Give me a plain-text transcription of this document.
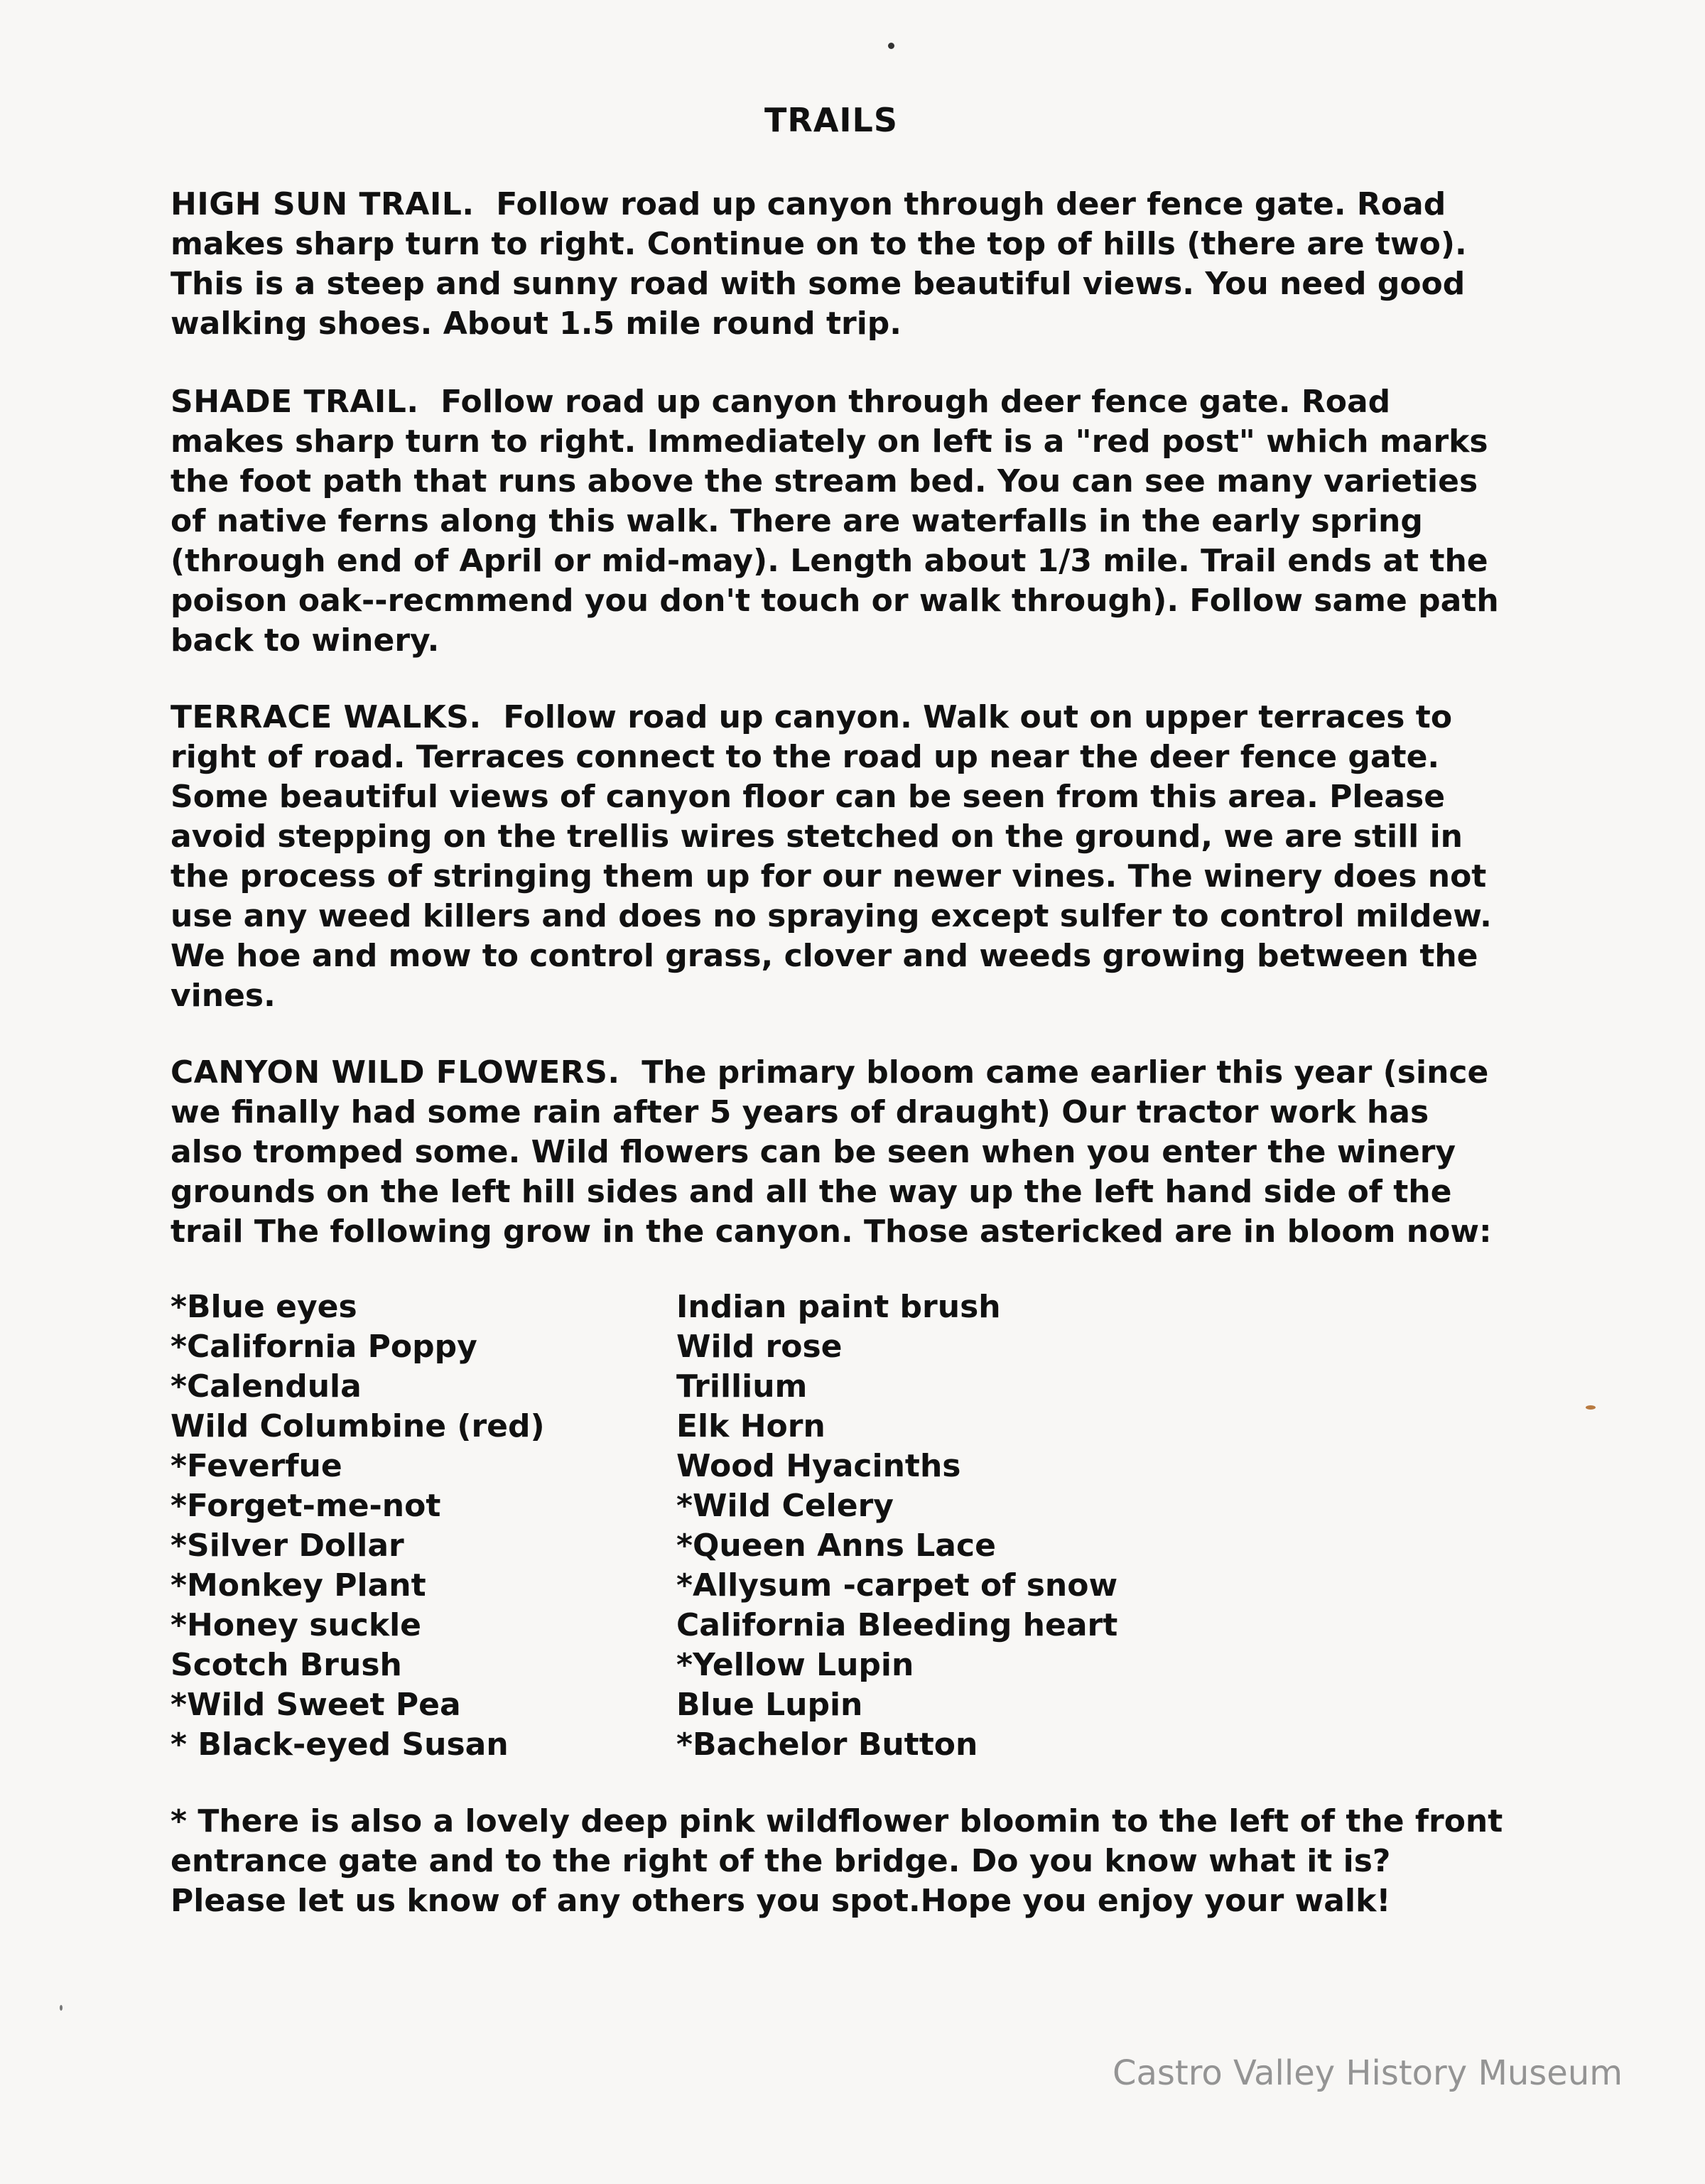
TRAILS

HIGH SUN TRAIL. Follow road up canyon through deer fence gate. Road makes sharp turn to right. Continue on to the top of hills (there are two). This is a steep and sunny road with some beautiful views. You need good walking shoes. About 1.5 mile round trip.

SHADE TRAIL. Follow road up canyon through deer fence gate. Road makes sharp turn to right. Immediately on left is a "red post" which marks the foot path that runs above the stream bed. You can see many varieties of native ferns along this walk. There are waterfalls in the early spring (through end of April or mid-may). Length about 1/3 mile. Trail ends at the poison oak--recmmend you don't touch or walk through). Follow same path back to winery.

TERRACE WALKS. Follow road up canyon. Walk out on upper terraces to right of road. Terraces connect to the road up near the deer fence gate. Some beautiful views of canyon floor can be seen from this area. Please avoid stepping on the trellis wires stetched on the ground, we are still in the process of stringing them up for our newer vines. The winery does not use any weed killers and does no spraying except sulfer to control mildew. We hoe and mow to control grass, clover and weeds growing between the vines.

CANYON WILD FLOWERS. The primary bloom came earlier this year (since we finally had some rain after 5 years of draught) Our tractor work has also tromped some. Wild flowers can be seen when you enter the winery grounds on the left hill sides and all the way up the left hand side of the trail The following grow in the canyon. Those astericked are in bloom now:

*Blue eyes
*California Poppy
*Calendula
Wild Columbine (red)
*Feverfue
*Forget-me-not
*Silver Dollar
*Monkey Plant
*Honey suckle
Scotch Brush
*Wild Sweet Pea
* Black-eyed Susan
Indian paint brush
Wild rose
Trillium
Elk Horn
Wood Hyacinths
*Wild Celery
*Queen Anns Lace
*Allysum -carpet of snow
California Bleeding heart
*Yellow Lupin
Blue Lupin
*Bachelor Button

* There is also a lovely deep pink wildflower bloomin to the left of the front entrance gate and to the right of the bridge. Do you know what it is? Please let us know of any others you spot.Hope you enjoy your walk!

Castro Valley History Museum
